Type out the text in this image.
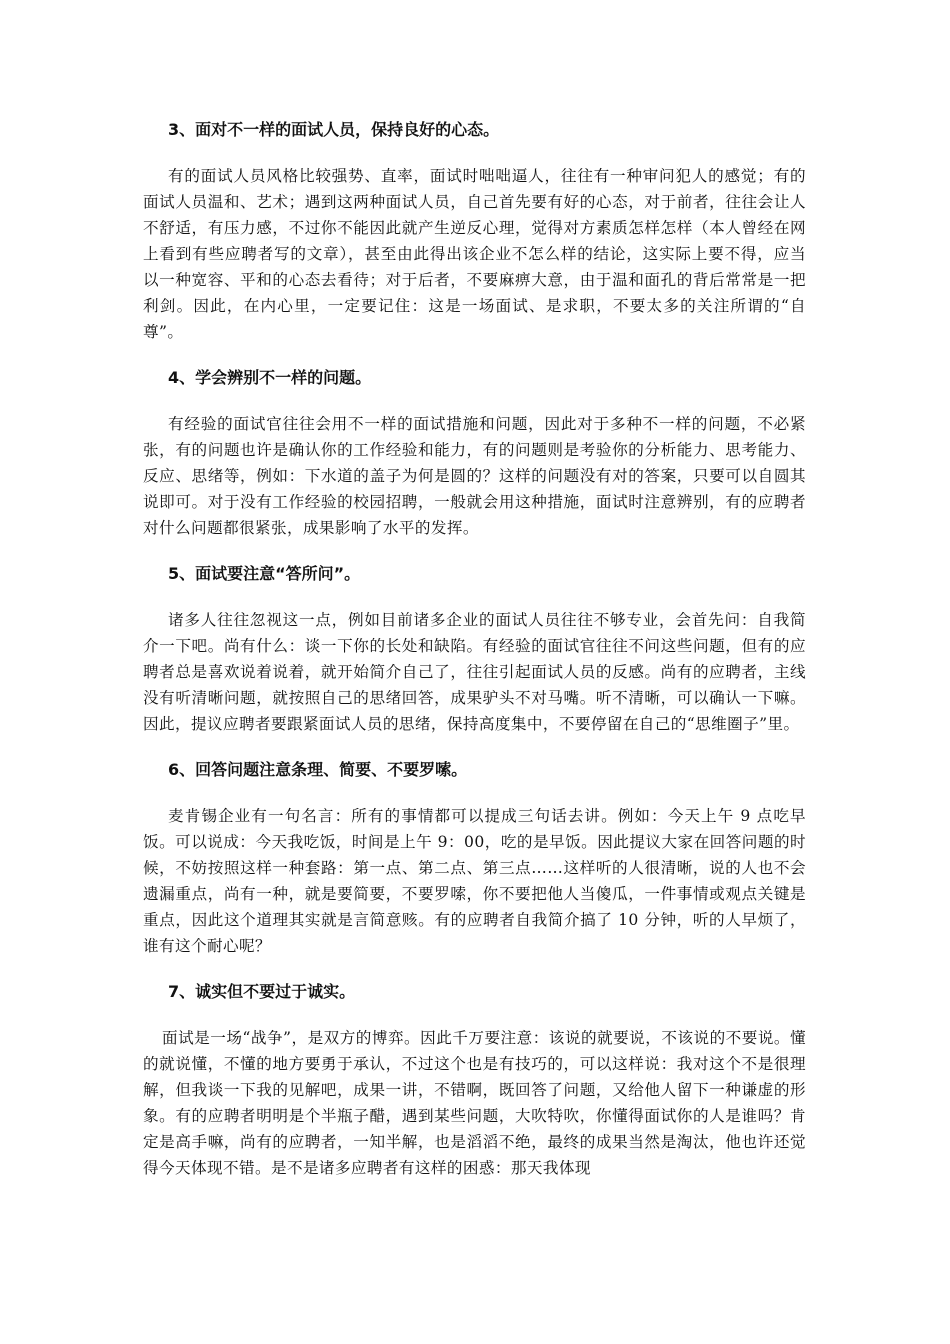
3、面对不一样的面试人员，保持良好的心态。

有的面试人员风格比较强势、直率，面试时咄咄逼人，往往有一种审问犯人的感觉；有的面试人员温和、艺术；遇到这两种面试人员，自己首先要有好的心态，对于前者，往往会让人不舒适，有压力感，不过你不能因此就产生逆反心理，觉得对方素质怎样怎样（本人曾经在网上看到有些应聘者写的文章），甚至由此得出该企业不怎么样的结论，这实际上要不得，应当以一种宽容、平和的心态去看待；对于后者，不要麻痹大意，由于温和面孔的背后常常是一把利剑。因此，在内心里，一定要记住：这是一场面试、是求职，不要太多的关注所谓的“自尊”。

4、学会辨别不一样的问题。

有经验的面试官往往会用不一样的面试措施和问题，因此对于多种不一样的问题，不必紧张，有的问题也许是确认你的工作经验和能力，有的问题则是考验你的分析能力、思考能力、反应、思绪等，例如：下水道的盖子为何是圆的？这样的问题没有对的答案，只要可以自圆其说即可。对于没有工作经验的校园招聘，一般就会用这种措施，面试时注意辨别，有的应聘者对什么问题都很紧张，成果影响了水平的发挥。

5、面试要注意“答所问”。

诸多人往往忽视这一点，例如目前诸多企业的面试人员往往不够专业，会首先问：自我简介一下吧。尚有什么：谈一下你的长处和缺陷。有经验的面试官往往不问这些问题，但有的应聘者总是喜欢说着说着，就开始简介自己了，往往引起面试人员的反感。尚有的应聘者，主线没有听清晰问题，就按照自己的思绪回答，成果驴头不对马嘴。听不清晰，可以确认一下嘛。因此，提议应聘者要跟紧面试人员的思绪，保持高度集中，不要停留在自己的“思维圈子”里。

6、回答问题注意条理、简要、不要罗嗦。

麦肯锡企业有一句名言：所有的事情都可以提成三句话去讲。例如：今天上午 9 点吃早饭。可以说成：今天我吃饭，时间是上午 9：00，吃的是早饭。因此提议大家在回答问题的时候，不妨按照这样一种套路：第一点、第二点、第三点……这样听的人很清晰，说的人也不会遗漏重点，尚有一种，就是要简要，不要罗嗦，你不要把他人当傻瓜，一件事情或观点关键是重点，因此这个道理其实就是言简意赅。有的应聘者自我简介搞了 10 分钟，听的人早烦了，谁有这个耐心呢？

7、诚实但不要过于诚实。

面试是一场“战争”，是双方的博弈。因此千万要注意：该说的就要说，不该说的不要说。懂的就说懂，不懂的地方要勇于承认，不过这个也是有技巧的，可以这样说：我对这个不是很理解，但我谈一下我的见解吧，成果一讲，不错啊，既回答了问题，又给他人留下一种谦虚的形象。有的应聘者明明是个半瓶子醋，遇到某些问题，大吹特吹，你懂得面试你的人是谁吗？肯定是高手嘛，尚有的应聘者，一知半解，也是滔滔不绝，最终的成果当然是淘汰，他也许还觉得今天体现不错。是不是诸多应聘者有这样的困惑：那天我体现
